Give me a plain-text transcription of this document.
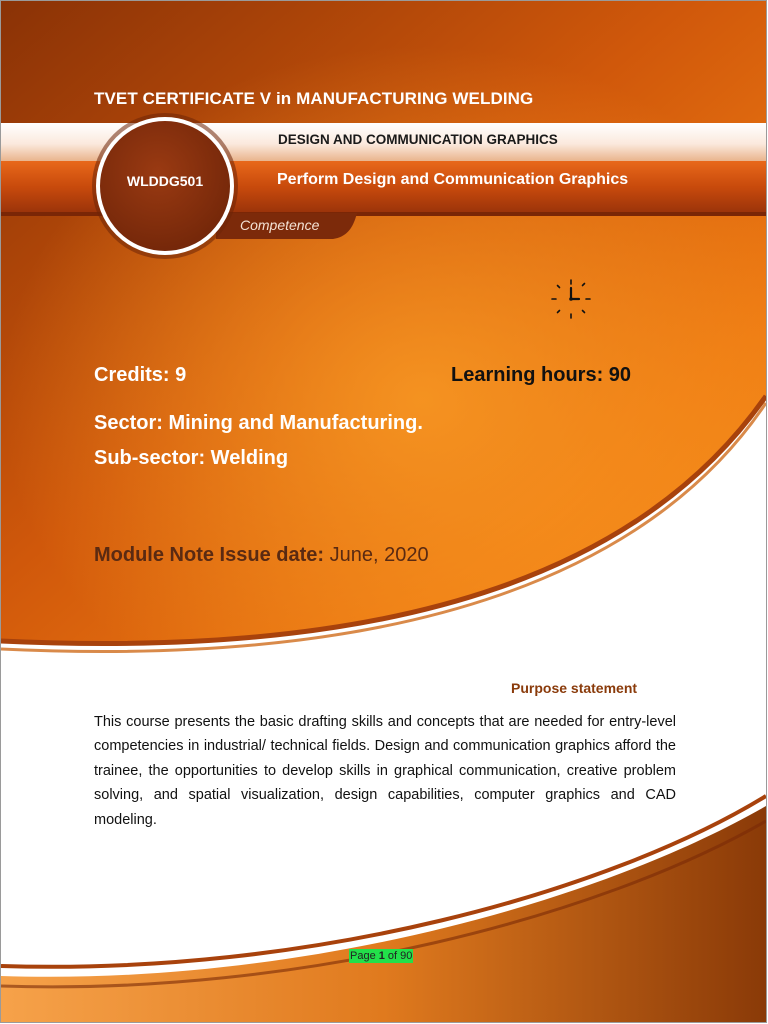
TVET CERTIFICATE V in MANUFACTURING WELDING
DESIGN AND COMMUNICATION GRAPHICS
Perform Design and Communication Graphics
WLDDG501
Competence
Credits: 9	Learning hours: 90
Sector: Mining and Manufacturing.
Sub-sector: Welding
Module Note Issue date: June, 2020
Purpose statement

This course presents the basic drafting skills and concepts that are needed for entry-level competencies in industrial/ technical fields. Design and communication graphics afford the trainee, the opportunities to develop skills in graphical communication, creative problem solving, and spatial visualization, design capabilities, computer graphics and CAD modeling.

Page 1 of 90
